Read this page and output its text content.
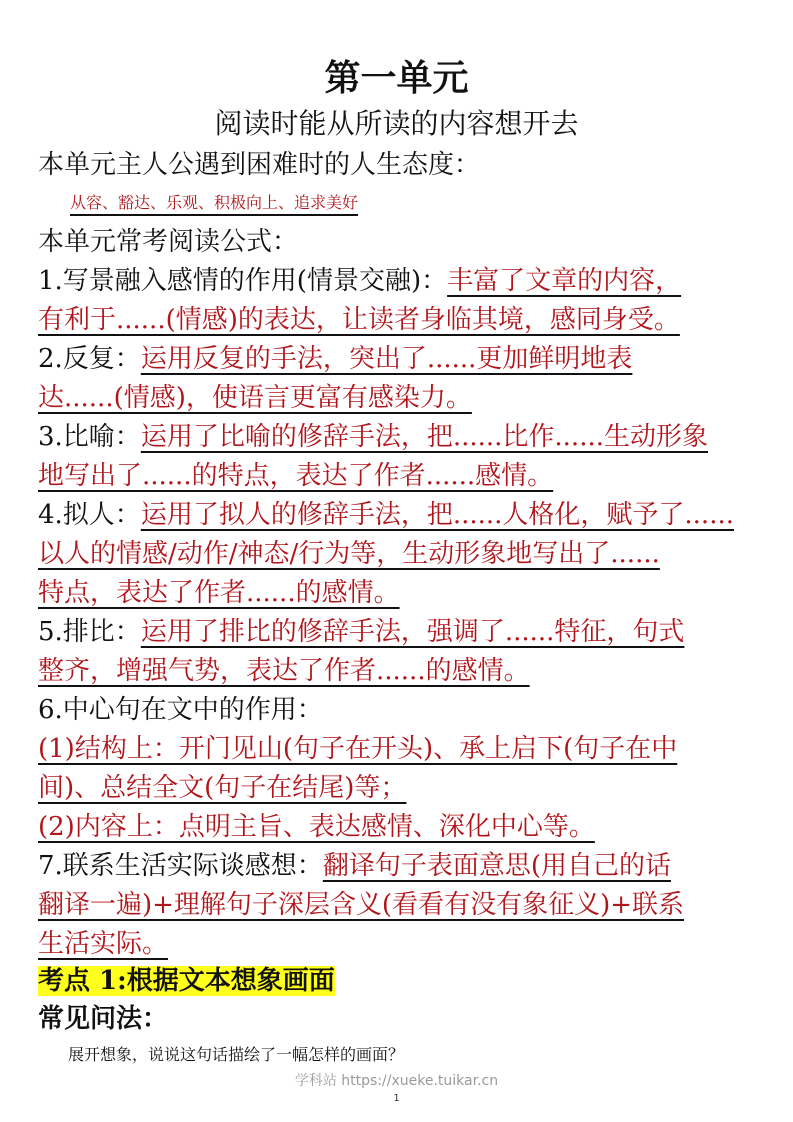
第一单元
阅读时能从所读的内容想开去
本单元主人公遇到困难时的人生态度：
从容、豁达、乐观、积极向上、追求美好
本单元常考阅读公式：
1.写景融入感情的作用(情景交融)：丰富了文章的内容，
有利于......(情感)的表达，让读者身临其境，感同身受。
2.反复：运用反复的手法，突出了......更加鲜明地表
达......(情感)，使语言更富有感染力。
3.比喻：运用了比喻的修辞手法，把......比作......生动形象
地写出了......的特点，表达了作者......感情。
4.拟人：运用了拟人的修辞手法，把......人格化，赋予了......
以人的情感/动作/神态/行为等，生动形象地写出了......
特点，表达了作者......的感情。
5.排比：运用了排比的修辞手法，强调了......特征，句式
整齐，增强气势，表达了作者......的感情。
6.中心句在文中的作用：
(1)结构上：开门见山(句子在开头)、承上启下(句子在中
间)、总结全文(句子在结尾)等；
(2)内容上：点明主旨、表达感情、深化中心等。
7.联系生活实际谈感想：翻译句子表面意思(用自己的话
翻译一遍)+理解句子深层含义(看看有没有象征义)+联系
生活实际。
考点 1:根据文本想象画面
常见问法：
展开想象，说说这句话描绘了一幅怎样的画面？
学科站 https://xueke.tuikar.cn
1
